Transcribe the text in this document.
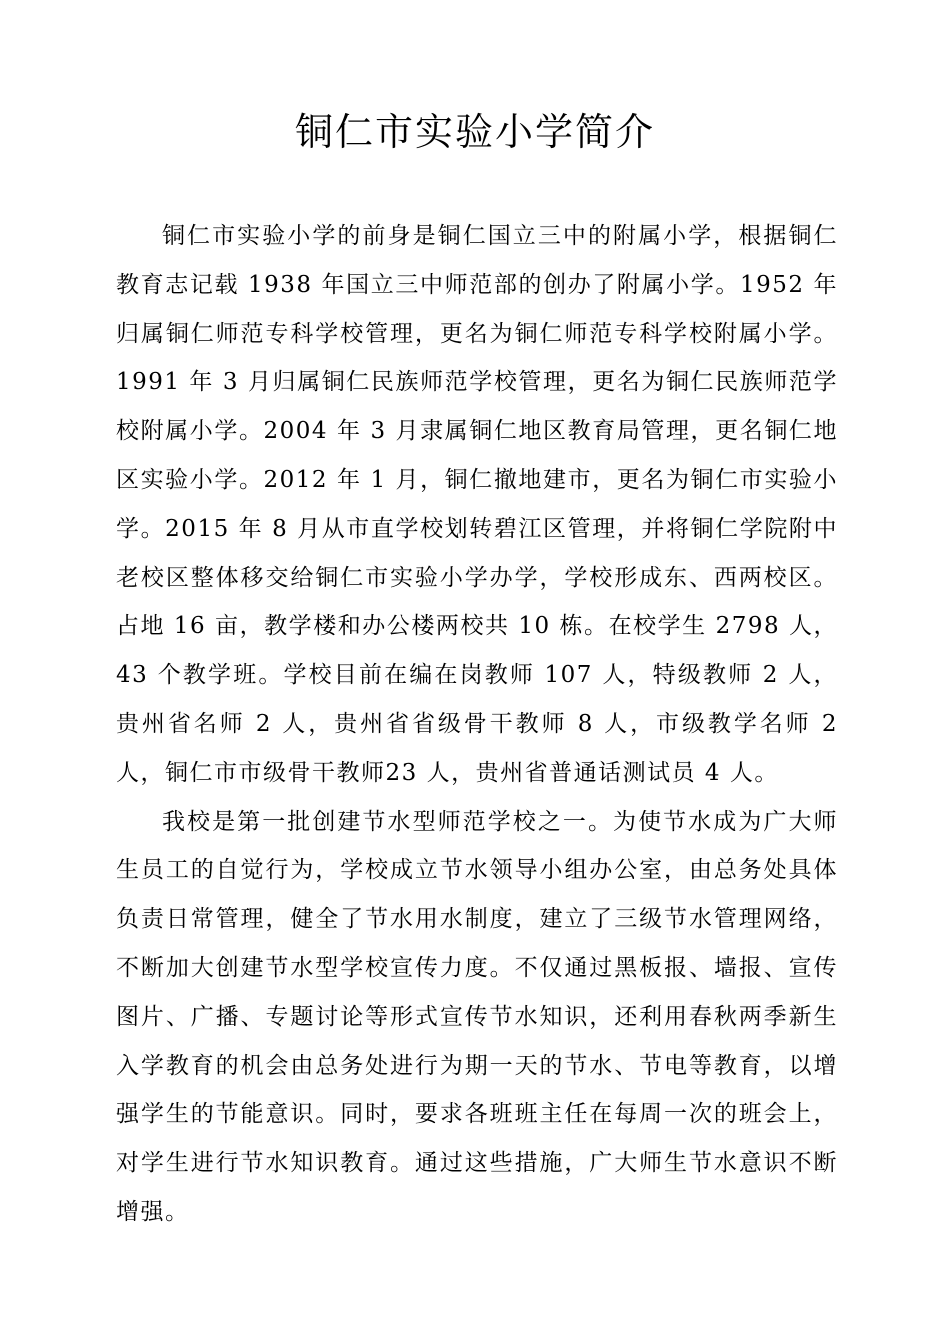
铜仁市实验小学简介

铜仁市实验小学的前身是铜仁国立三中的附属小学，根据铜仁教育志记载 1938 年国立三中师范部的创办了附属小学。1952 年归属铜仁师范专科学校管理，更名为铜仁师范专科学校附属小学。 1991 年 3 月归属铜仁民族师范学校管理，更名为铜仁民族师范学校附属小学。2004 年 3 月隶属铜仁地区教育局管理，更名铜仁地区实验小学。2012 年 1 月，铜仁撤地建市，更名为铜仁市实验小学。2015 年 8 月从市直学校划转碧江区管理，并将铜仁学院附中老校区整体移交给铜仁市实验小学办学，学校形成东、西两校区。占地 16 亩，教学楼和办公楼两校共 10 栋。在校学生 2798 人，43 个教学班。学校目前在编在岗教师 107 人，特级教师 2 人，贵州省名师 2 人，贵州省省级骨干教师 8 人，市级教学名师 2 人，铜仁市市级骨干教师23 人，贵州省普通话测试员 4 人。

我校是第一批创建节水型师范学校之一。为使节水成为广大师生员工的自觉行为，学校成立节水领导小组办公室，由总务处具体负责日常管理，健全了节水用水制度，建立了三级节水管理网络，不断加大创建节水型学校宣传力度。不仅通过黑板报、墙报、宣传图片、广播、专题讨论等形式宣传节水知识，还利用春秋两季新生入学教育的机会由总务处进行为期一天的节水、节电等教育，以增强学生的节能意识。同时，要求各班班主任在每周一次的班会上，对学生进行节水知识教育。通过这些措施，广大师生节水意识不断增强。
